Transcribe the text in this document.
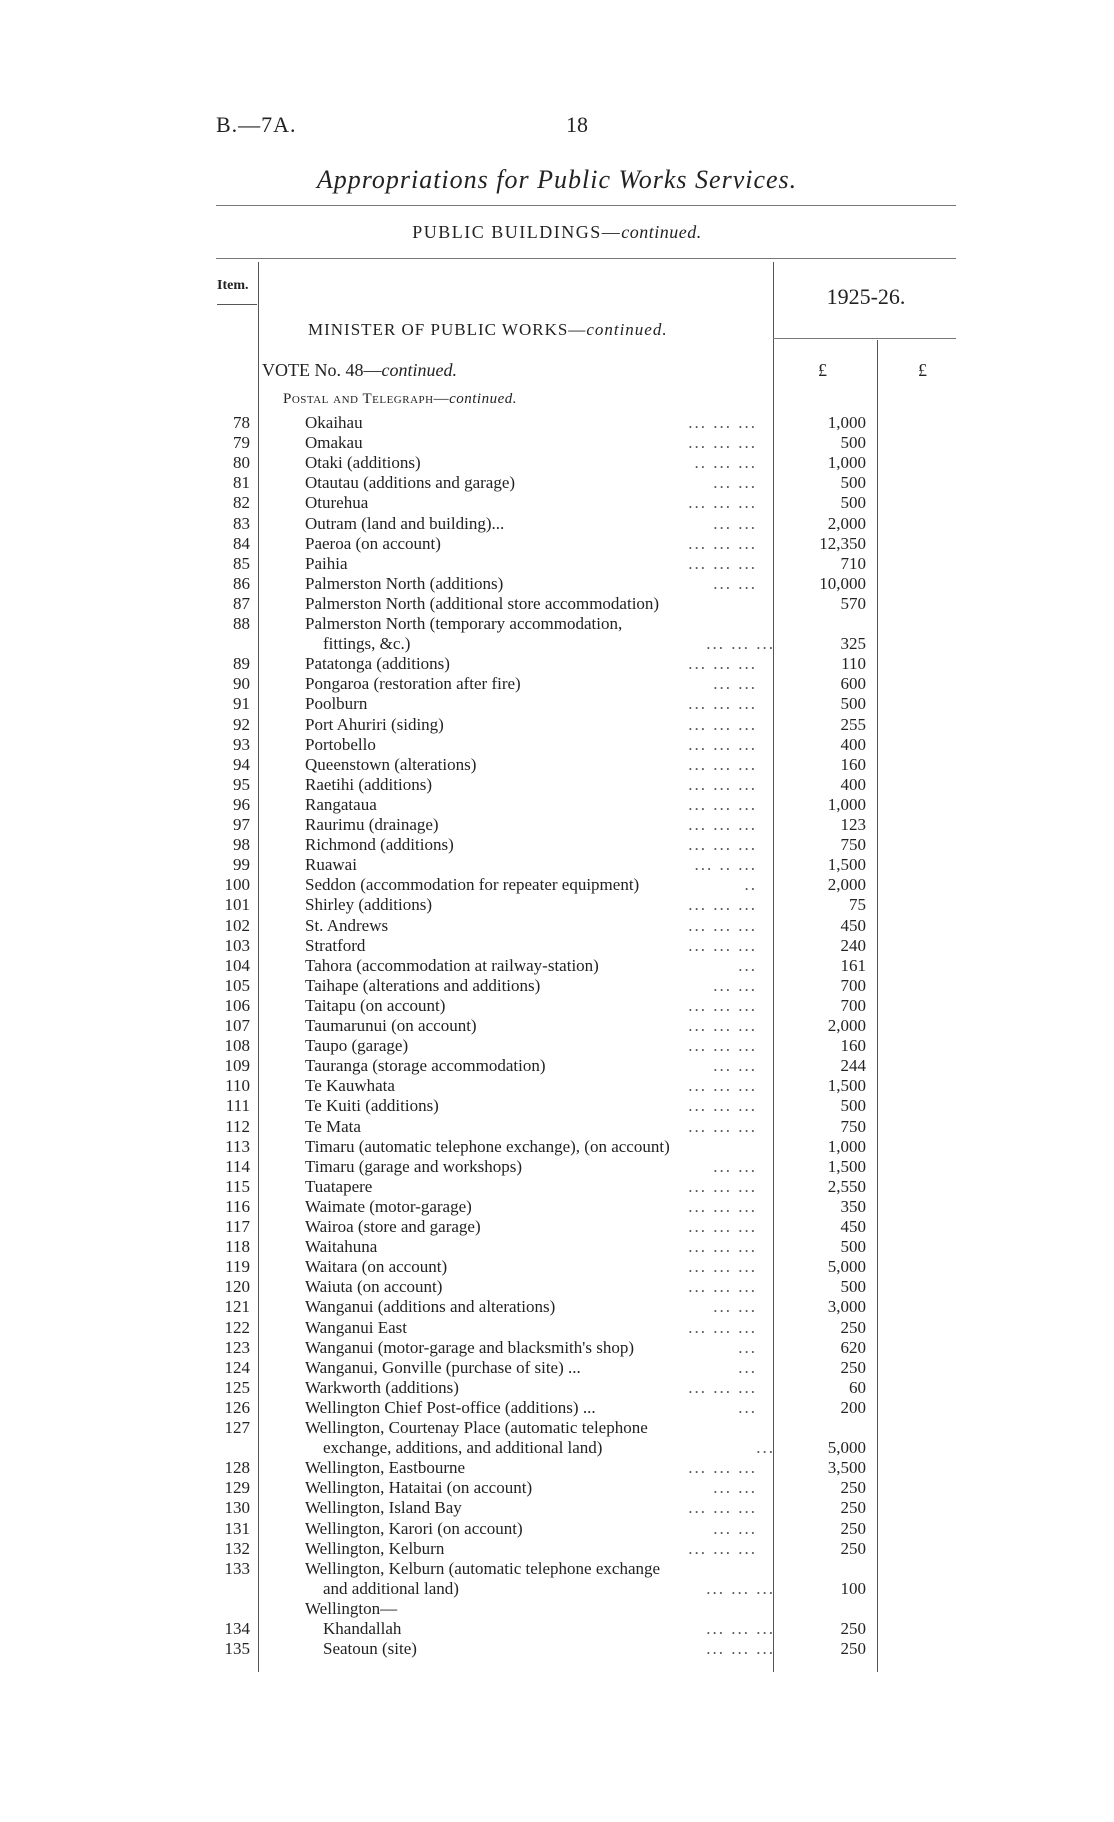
B.—7A.	18
Appropriations for Public Works Services.
PUBLIC BUILDINGS—continued.
Item.	1925-26.
MINISTER OF PUBLIC WORKS—continued.
VOTE No. 48—continued.	£	£
Postal and Telegraph—continued.
78	Okaihau	... ... ...	1,000
79	Omakau	... ... ...	500
80	Otaki (additions)	.. ... ...	1,000
81	Otautau (additions and garage)	... ...	500
82	Oturehua	... ... ...	500
83	Outram (land and building)...	... ...	2,000
84	Paeroa (on account)	... ... ...	12,350
85	Paihia	... ... ...	710
86	Palmerston North (additions)	... ...	10,000
87	Palmerston North (additional store accommodation)	570
88	Palmerston North (temporary accommodation,
fittings, &c.)	... ... ...	325
89	Patatonga (additions)	... ... ...	110
90	Pongaroa (restoration after fire)	... ...	600
91	Poolburn	... ... ...	500
92	Port Ahuriri (siding)	... ... ...	255
93	Portobello	... ... ...	400
94	Queenstown (alterations)	... ... ...	160
95	Raetihi (additions)	... ... ...	400
96	Rangataua	... ... ...	1,000
97	Raurimu (drainage)	... ... ...	123
98	Richmond (additions)	... ... ...	750
99	Ruawai	... .. ...	1,500
100	Seddon (accommodation for repeater equipment)	..	2,000
101	Shirley (additions)	... ... ...	75
102	St. Andrews	... ... ...	450
103	Stratford	... ... ...	240
104	Tahora (accommodation at railway-station)	...	161
105	Taihape (alterations and additions)	... ...	700
106	Taitapu (on account)	... ... ...	700
107	Taumarunui (on account)	... ... ...	2,000
108	Taupo (garage)	... ... ...	160
109	Tauranga (storage accommodation)	... ...	244
110	Te Kauwhata	... ... ...	1,500
111	Te Kuiti (additions)	... ... ...	500
112	Te Mata	... ... ...	750
113	Timaru (automatic telephone exchange), (on account)	1,000
114	Timaru (garage and workshops)	... ...	1,500
115	Tuatapere	... ... ...	2,550
116	Waimate (motor-garage)	... ... ...	350
117	Wairoa (store and garage)	... ... ...	450
118	Waitahuna	... ... ...	500
119	Waitara (on account)	... ... ...	5,000
120	Waiuta (on account)	... ... ...	500
121	Wanganui (additions and alterations)	... ...	3,000
122	Wanganui East	... ... ...	250
123	Wanganui (motor-garage and blacksmith's shop)	...	620
124	Wanganui, Gonville (purchase of site) ...	...	250
125	Warkworth (additions)	... ... ...	60
126	Wellington Chief Post-office (additions) ...	...	200
127	Wellington, Courtenay Place (automatic telephone
exchange, additions, and additional land)	...	5,000
128	Wellington, Eastbourne	... ... ...	3,500
129	Wellington, Hataitai (on account)	... ...	250
130	Wellington, Island Bay	... ... ...	250
131	Wellington, Karori (on account)	... ...	250
132	Wellington, Kelburn	... ... ...	250
133	Wellington, Kelburn (automatic telephone exchange
and additional land)	... ... ...	100
Wellington—
134	Khandallah	... ... ...	250
135	Seatoun (site)	... ... ...	250
